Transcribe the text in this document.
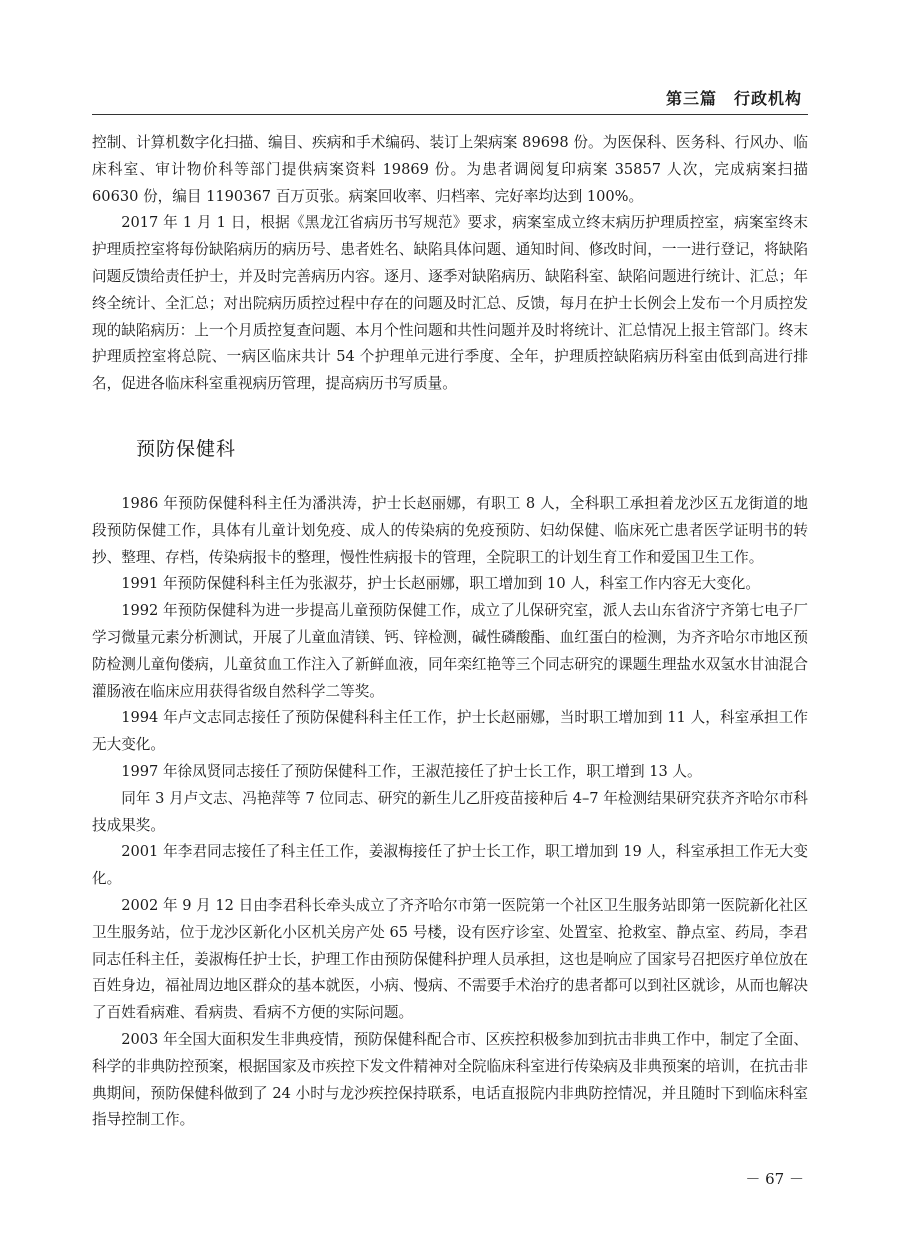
第三篇　行政机构

控制、计算机数字化扫描、编目、疾病和手术编码、装订上架病案 89698 份。为医保科、医务科、行风办、临床科室、审计物价科等部门提供病案资料 19869 份。为患者调阅复印病案 35857 人次，完成病案扫描 60630 份，编目 1190367 百万页张。病案回收率、归档率、完好率均达到 100%。

2017 年 1 月 1 日，根据《黑龙江省病历书写规范》要求，病案室成立终末病历护理质控室，病案室终末护理质控室将每份缺陷病历的病历号、患者姓名、缺陷具体问题、通知时间、修改时间，一一进行登记，将缺陷问题反馈给责任护士，并及时完善病历内容。逐月、逐季对缺陷病历、缺陷科室、缺陷问题进行统计、汇总；年终全统计、全汇总；对出院病历质控过程中存在的问题及时汇总、反馈，每月在护士长例会上发布一个月质控发现的缺陷病历：上一个月质控复查问题、本月个性问题和共性问题并及时将统计、汇总情况上报主管部门。终末护理质控室将总院、一病区临床共计 54 个护理单元进行季度、全年，护理质控缺陷病历科室由低到高进行排名，促进各临床科室重视病历管理，提高病历书写质量。

预防保健科

1986 年预防保健科科主任为潘洪涛，护士长赵丽娜，有职工 8 人，全科职工承担着龙沙区五龙街道的地段预防保健工作，具体有儿童计划免疫、成人的传染病的免疫预防、妇幼保健、临床死亡患者医学证明书的转抄、整理、存档，传染病报卡的整理，慢性性病报卡的管理，全院职工的计划生育工作和爱国卫生工作。

1991 年预防保健科科主任为张淑芬，护士长赵丽娜，职工增加到 10 人，科室工作内容无大变化。

1992 年预防保健科为进一步提高儿童预防保健工作，成立了儿保研究室，派人去山东省济宁齐第七电子厂学习微量元素分析测试，开展了儿童血清镁、钙、锌检测，碱性磷酸酯、血红蛋白的检测，为齐齐哈尔市地区预防检测儿童佝偻病，儿童贫血工作注入了新鲜血液，同年栾红艳等三个同志研究的课题生理盐水双氢水甘油混合灌肠液在临床应用获得省级自然科学二等奖。

1994 年卢文志同志接任了预防保健科科主任工作，护士长赵丽娜，当时职工增加到 11 人，科室承担工作无大变化。

1997 年徐凤贤同志接任了预防保健科工作，王淑范接任了护士长工作，职工增到 13 人。

同年 3 月卢文志、冯艳萍等 7 位同志、研究的新生儿乙肝疫苗接种后 4–7 年检测结果研究获齐齐哈尔市科技成果奖。

2001 年李君同志接任了科主任工作，姜淑梅接任了护士长工作，职工增加到 19 人，科室承担工作无大变化。

2002 年 9 月 12 日由李君科长牵头成立了齐齐哈尔市第一医院第一个社区卫生服务站即第一医院新化社区卫生服务站，位于龙沙区新化小区机关房产处 65 号楼，设有医疗诊室、处置室、抢救室、静点室、药局，李君同志任科主任，姜淑梅任护士长，护理工作由预防保健科护理人员承担，这也是响应了国家号召把医疗单位放在百姓身边，福祉周边地区群众的基本就医，小病、慢病、不需要手术治疗的患者都可以到社区就诊，从而也解决了百姓看病难、看病贵、看病不方便的实际问题。

2003 年全国大面积发生非典疫情，预防保健科配合市、区疾控积极参加到抗击非典工作中，制定了全面、科学的非典防控预案，根据国家及市疾控下发文件精神对全院临床科室进行传染病及非典预案的培训，在抗击非典期间，预防保健科做到了 24 小时与龙沙疾控保持联系，电话直报院内非典防控情况，并且随时下到临床科室指导控制工作。

－ 67 －
